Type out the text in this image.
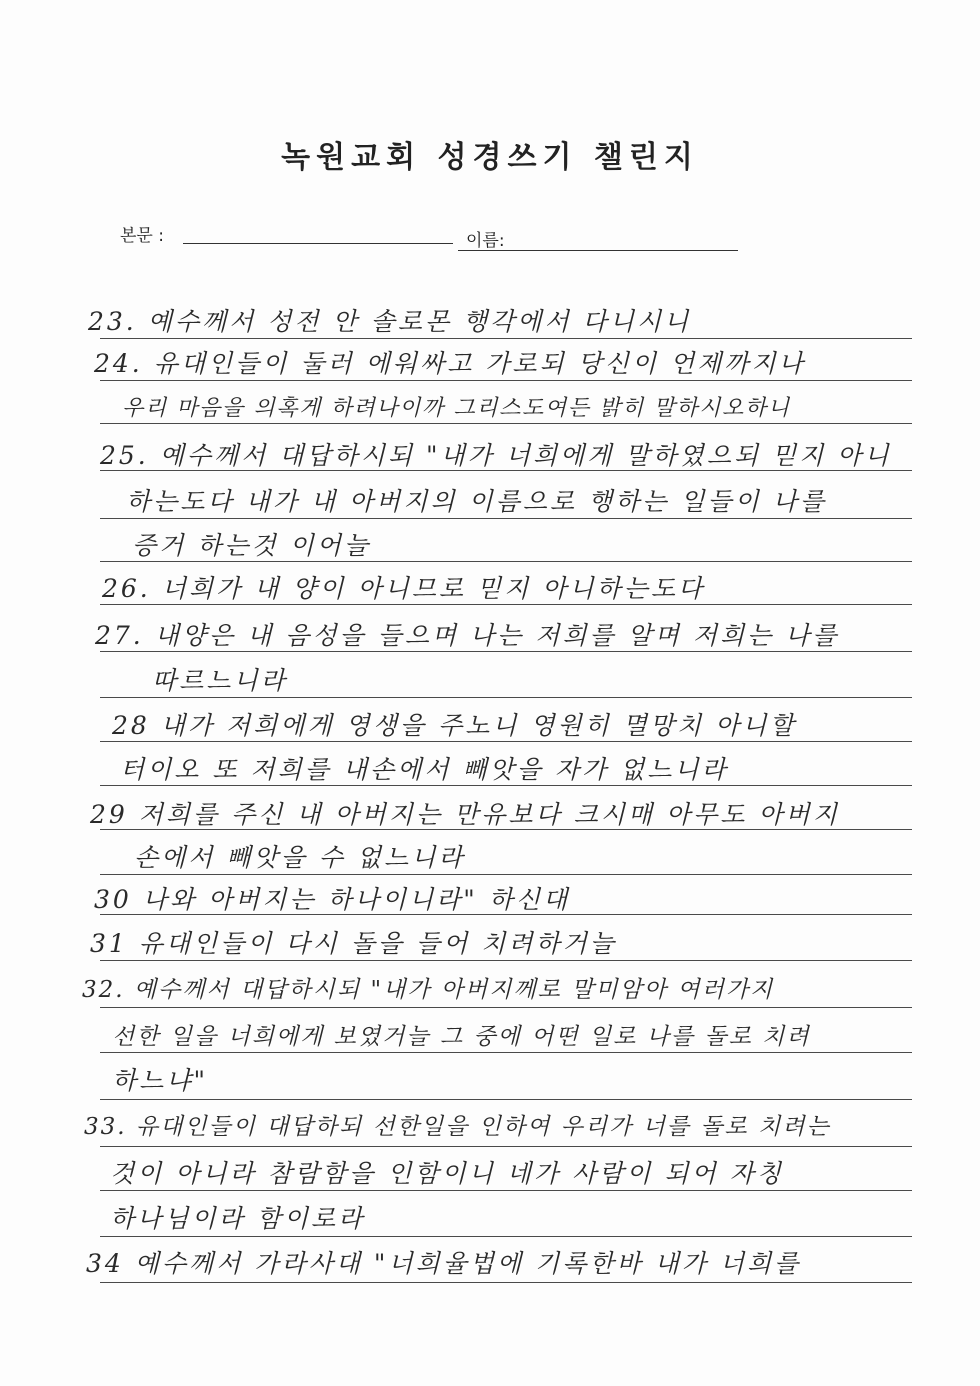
녹원교회 성경쓰기 챌린지
본문 :	이름:
23. 예수께서 성전 안 솔로몬 행각에서 다니시니
24. 유대인들이 둘러 에워싸고 가로되 당신이 언제까지나
우리 마음을 의혹게 하려나이까 그리스도여든 밝히 말하시오하니
25. 예수께서 대답하시되 "내가 너희에게 말하였으되 믿지 아니
하는도다 내가 내 아버지의 이름으로 행하는 일들이 나를
증거 하는것 이어늘
26. 너희가 내 양이 아니므로 믿지 아니하는도다
27. 내양은 내 음성을 들으며 나는 저희를 알며 저희는 나를
따르느니라
28 내가 저희에게 영생을 주노니 영원히 멸망치 아니할
터이오 또 저희를 내손에서 빼앗을 자가 없느니라
29 저희를 주신 내 아버지는 만유보다 크시매 아무도 아버지
손에서 빼앗을 수 없느니라
30 나와 아버지는 하나이니라" 하신대
31 유대인들이 다시 돌을 들어 치려하거늘
32. 예수께서 대답하시되 "내가 아버지께로 말미암아 여러가지
선한 일을 너희에게 보였거늘 그 중에 어떤 일로 나를 돌로 치려
하느냐"
33. 유대인들이 대답하되 선한일을 인하여 우리가 너를 돌로 치려는
것이 아니라 참람함을 인함이니 네가 사람이 되어 자칭
하나님이라 함이로라
34 예수께서 가라사대 "너희율법에 기록한바 내가 너희를
